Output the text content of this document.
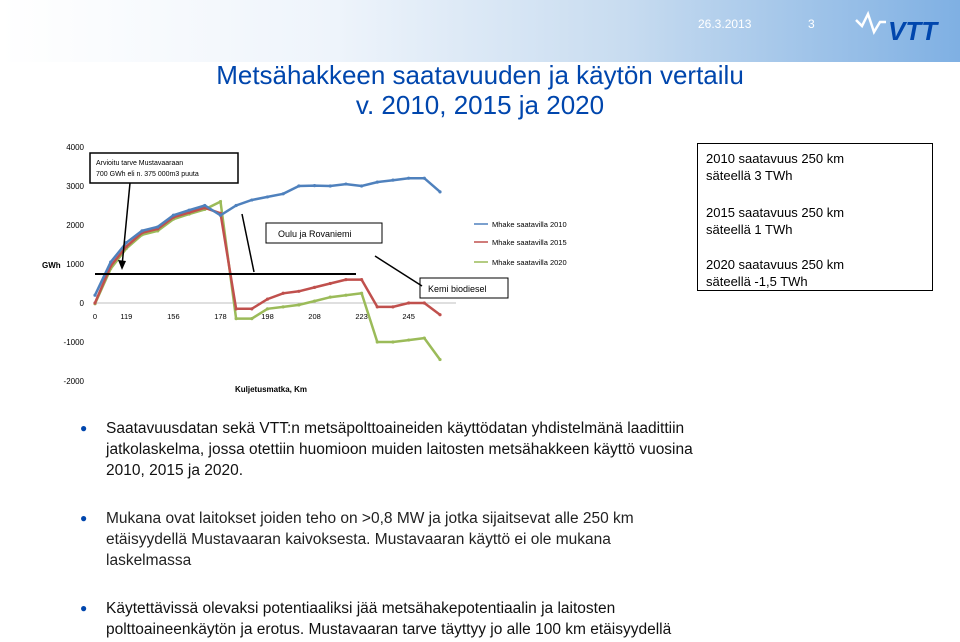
26.3.2013	3	VTT
Metsähakkeen saatavuuden ja käytön vertailu
v. 2010, 2015 ja 2020
4000
3000
2000
1000
0
-1000
-2000
0	119	156	178	198	208	223	245
GWh
Kuljetusmatka, Km
Mhake saatavilla 2010
Mhake saatavilla 2015
Mhake saatavilla 2020
Arvioitu tarve Mustavaaraan
700 GWh eli n. 375 000m3 puuta
Oulu ja Rovaniemi
Kemi biodiesel
2010 saatavuus 250 km
säteellä 3 TWh
2015 saatavuus 250 km
säteellä 1 TWh
2020 saatavuus 250 km
säteellä -1,5 TWh
● Saatavuusdatan sekä VTT:n metsäpolttoaineiden käyttödatan yhdistelmänä laadittiin
jatkolaskelma, jossa otettiin huomioon muiden laitosten metsähakkeen käyttö vuosina
2010, 2015 ja 2020.
● Mukana ovat laitokset joiden teho on >0,8 MW ja jotka sijaitsevat alle 250 km
etäisyydellä Mustavaaran kaivoksesta. Mustavaaran käyttö ei ole mukana
laskelmassa
● Käytettävissä olevaksi potentiaaliksi jää metsähakepotentiaalin ja laitosten
polttoaineenkäytön ja erotus. Mustavaaran tarve täyttyy jo alle 100 km etäisyydellä
